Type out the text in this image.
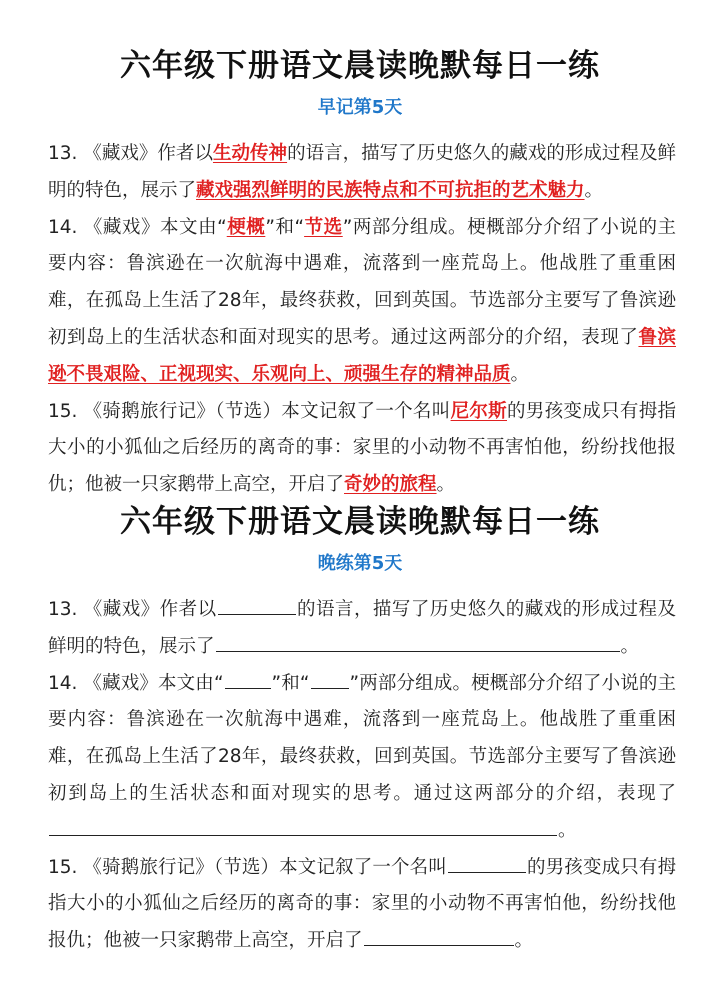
六年级下册语文晨读晚默每日一练
早记第5天
13. 《藏戏》作者以生动传神的语言，描写了历史悠久的藏戏的形成过程及鲜明的特色，展示了藏戏强烈鲜明的民族特点和不可抗拒的艺术魅力。
14. 《藏戏》本文由“梗概”和“节选”两部分组成。梗概部分介绍了小说的主要内容：鲁滨逊在一次航海中遇难，流落到一座荒岛上。他战胜了重重困难，在孤岛上生活了28年，最终获救，回到英国。节选部分主要写了鲁滨逊初到岛上的生活状态和面对现实的思考。通过这两部分的介绍，表现了鲁滨逊不畏艰险、正视现实、乐观向上、顽强生存的精神品质。
15. 《骑鹅旅行记》（节选）本文记叙了一个名叫尼尔斯的男孩变成只有拇指大小的小狐仙之后经历的离奇的事：家里的小动物不再害怕他，纷纷找他报仇；他被一只家鹅带上高空，开启了奇妙的旅程。
六年级下册语文晨读晚默每日一练
晚练第5天
13. 《藏戏》作者以	的语言，描写了历史悠久的藏戏的形成过程及鲜明的特色，展示了	。
14. 《藏戏》本文由“	”和“ ”两部分组成。梗概部分介绍了小说的主要内容：鲁滨逊在一次航海中遇难，流落到一座荒岛上。他战胜了重重困难，在孤岛上生活了28年，最终获救，回到英国。节选部分主要写了鲁滨逊初到岛上的生活状态和面对现实的思考。通过这两部分的介绍，表现了。
15. 《骑鹅旅行记》（节选）本文记叙了一个名叫	的男孩变成只有拇指大小的小狐仙之后经历的离奇的事：家里的小动物不再害怕他，纷纷找他报仇；他被一只家鹅带上高空，开启了	。
